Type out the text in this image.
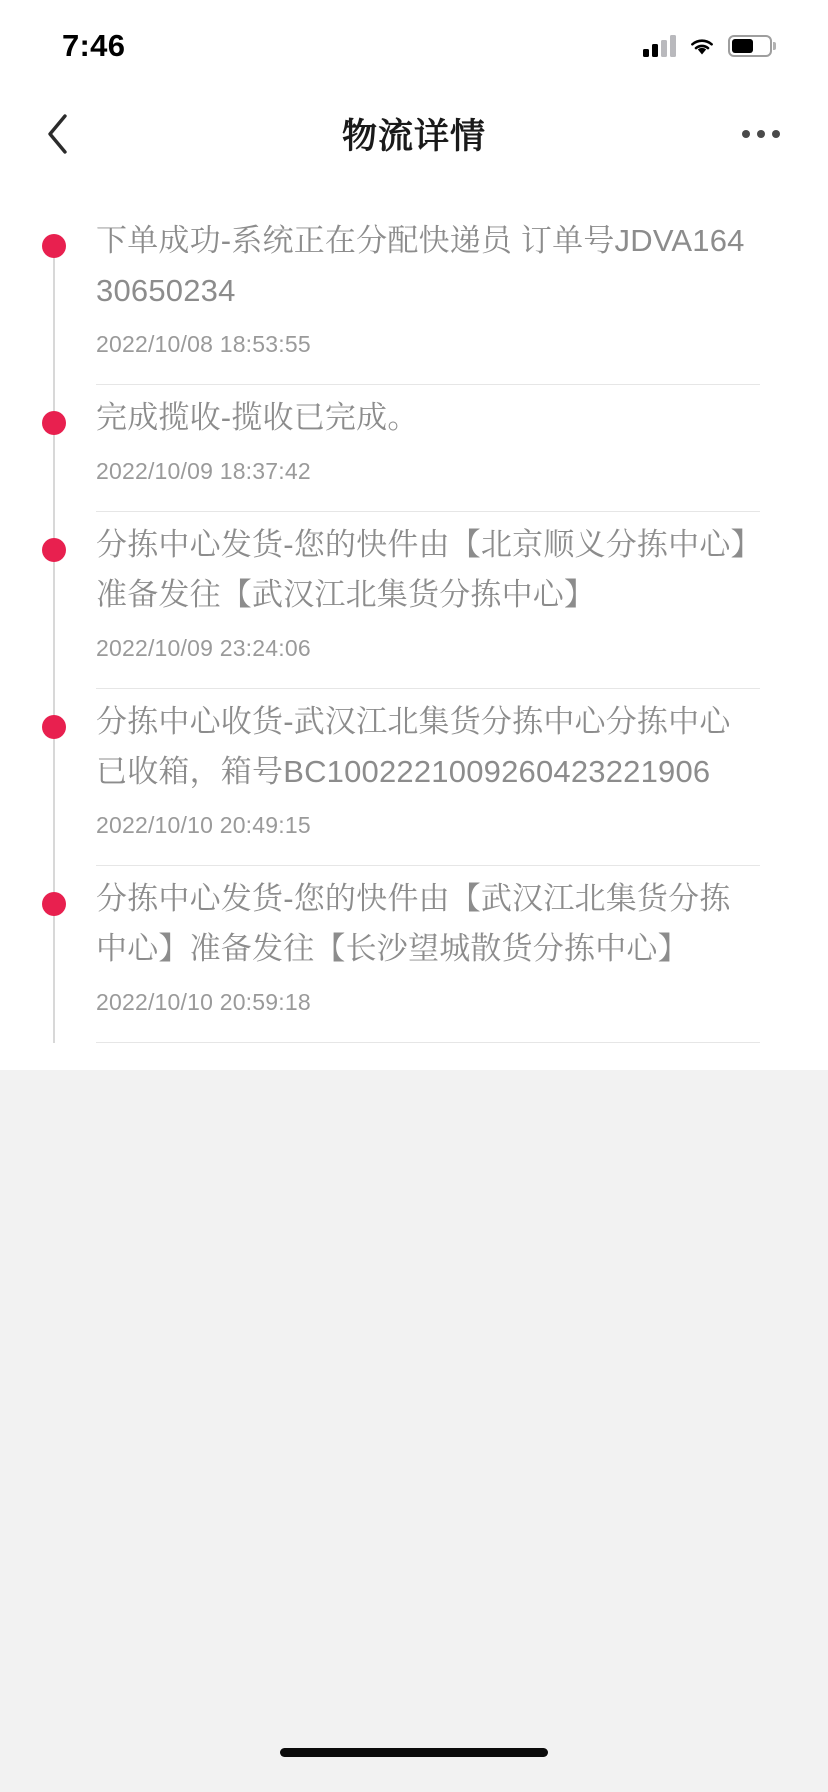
7:46
物流详情
下单成功-系统正在分配快递员 订单号JDVA16430650234
2022/10/08 18:53:55
完成揽收-揽收已完成。
2022/10/09 18:37:42
分拣中心发货-您的快件由【北京顺义分拣中心】准备发往【武汉江北集货分拣中心】
2022/10/09 23:24:06
分拣中心收货-武汉江北集货分拣中心分拣中心已收箱，箱号BC1002221009260423221906
2022/10/10 20:49:15
分拣中心发货-您的快件由【武汉江北集货分拣中心】准备发往【长沙望城散货分拣中心】
2022/10/10 20:59:18
